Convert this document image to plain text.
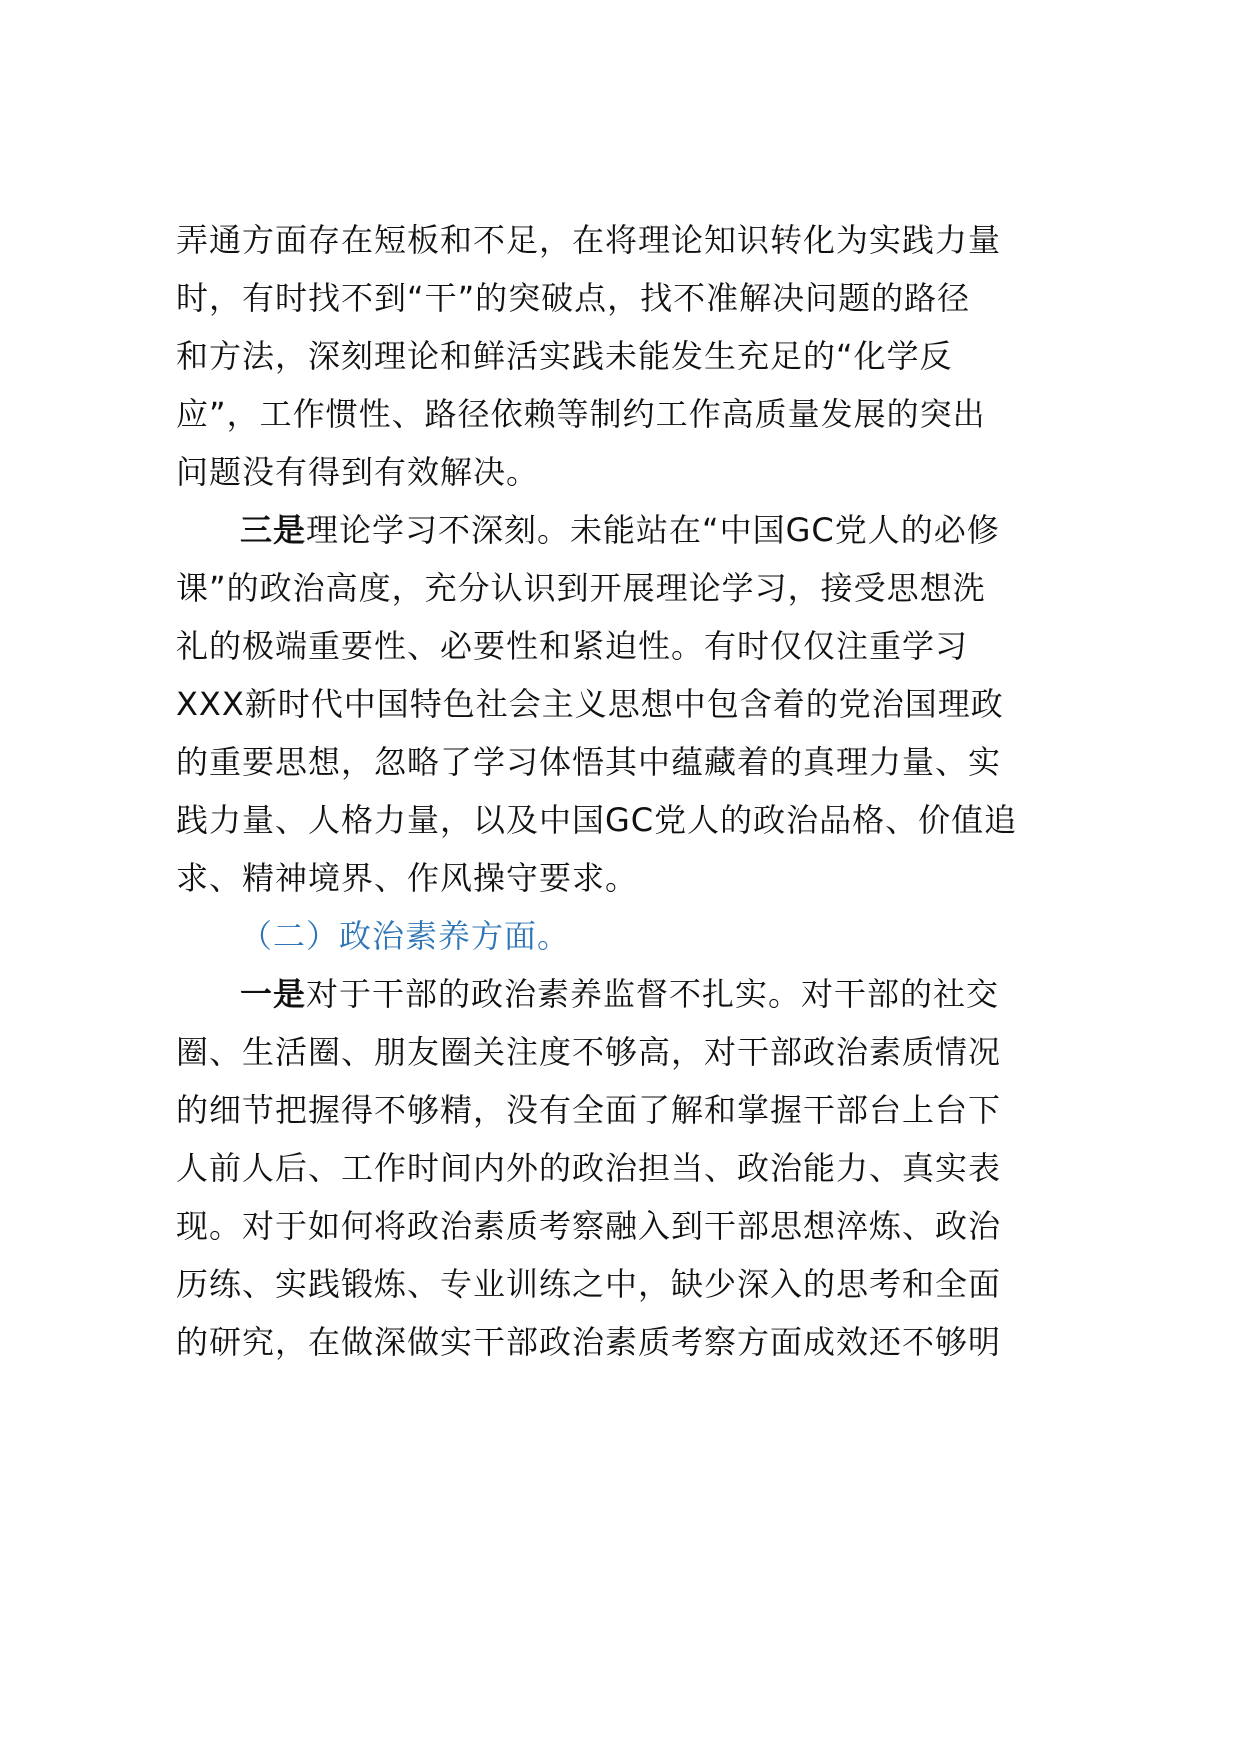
弄通方面存在短板和不足，在将理论知识转化为实践力量
时，有时找不到“干”的突破点，找不准解决问题的路径
和方法，深刻理论和鲜活实践未能发生充足的“化学反
应”，工作惯性、路径依赖等制约工作高质量发展的突出
问题没有得到有效解决。
三是理论学习不深刻。未能站在“中国GC党人的必修
课”的政治高度，充分认识到开展理论学习，接受思想洗
礼的极端重要性、必要性和紧迫性。有时仅仅注重学习
XXX新时代中国特色社会主义思想中包含着的党治国理政
的重要思想，忽略了学习体悟其中蕴藏着的真理力量、实
践力量、人格力量，以及中国GC党人的政治品格、价值追
求、精神境界、作风操守要求。
（二）政治素养方面。
一是对于干部的政治素养监督不扎实。对干部的社交
圈、生活圈、朋友圈关注度不够高，对干部政治素质情况
的细节把握得不够精，没有全面了解和掌握干部台上台下
人前人后、工作时间内外的政治担当、政治能力、真实表
现。对于如何将政治素质考察融入到干部思想淬炼、政治
历练、实践锻炼、专业训练之中，缺少深入的思考和全面
的研究，在做深做实干部政治素质考察方面成效还不够明
